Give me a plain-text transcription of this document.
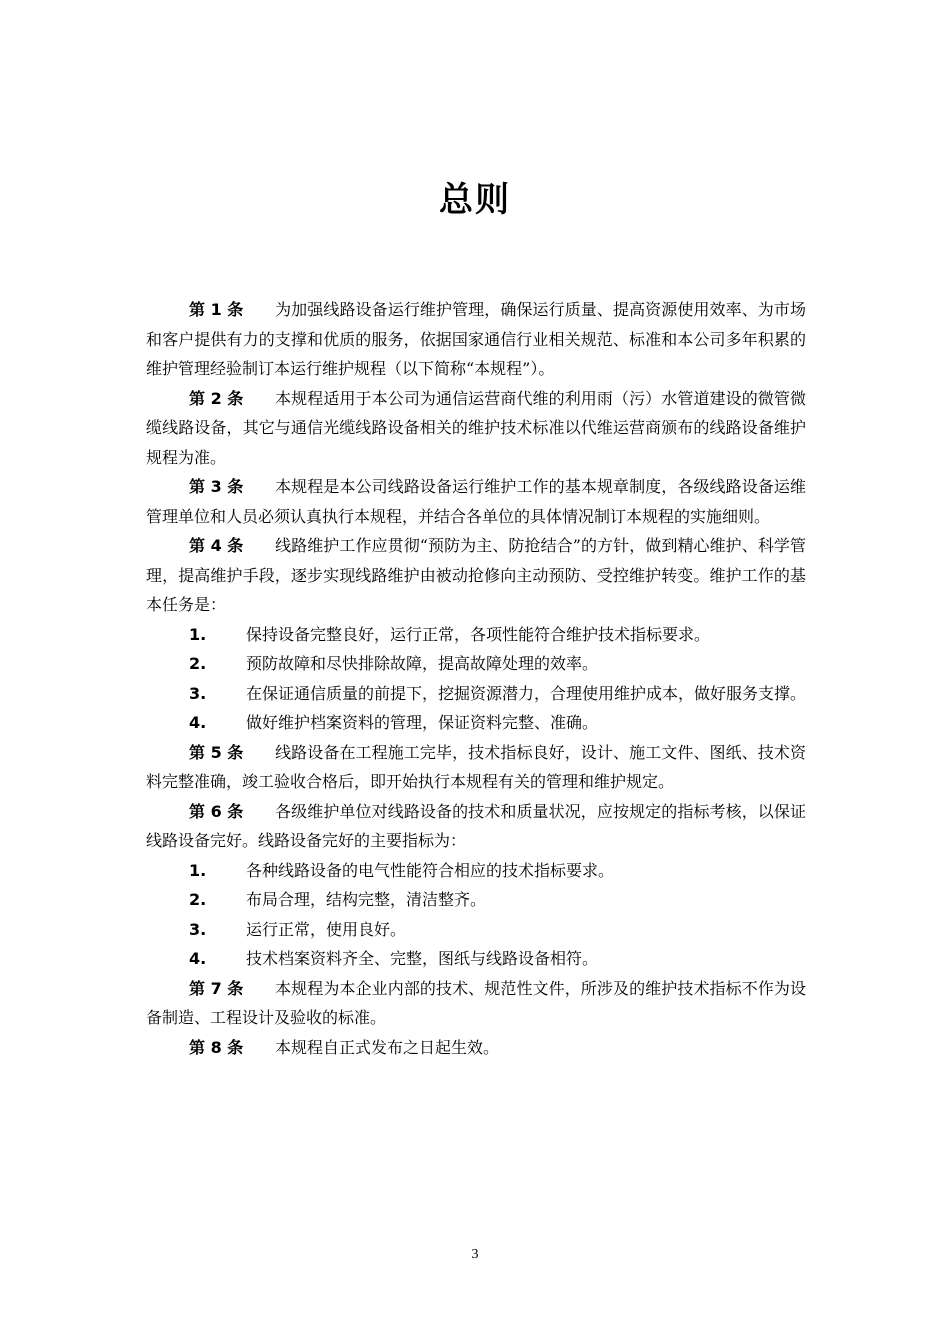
总则

第 1 条 为加强线路设备运行维护管理，确保运行质量、提高资源使用效率、为市场和客户提供有力的支撑和优质的服务，依据国家通信行业相关规范、标准和本公司多年积累的维护管理经验制订本运行维护规程（以下简称“本规程”）。

第 2 条 本规程适用于本公司为通信运营商代维的利用雨（污）水管道建设的微管微缆线路设备，其它与通信光缆线路设备相关的维护技术标准以代维运营商颁布的线路设备维护规程为准。

第 3 条 本规程是本公司线路设备运行维护工作的基本规章制度，各级线路设备运维管理单位和人员必须认真执行本规程，并结合各单位的具体情况制订本规程的实施细则。

第 4 条 线路维护工作应贯彻“预防为主、防抢结合”的方针，做到精心维护、科学管理，提高维护手段，逐步实现线路维护由被动抢修向主动预防、受控维护转变。维护工作的基本任务是：

1. 保持设备完整良好，运行正常，各项性能符合维护技术指标要求。

2. 预防故障和尽快排除故障，提高故障处理的效率。

3. 在保证通信质量的前提下，挖掘资源潜力，合理使用维护成本，做好服务支撑。

4. 做好维护档案资料的管理，保证资料完整、准确。

第 5 条 线路设备在工程施工完毕，技术指标良好，设计、施工文件、图纸、技术资料完整准确，竣工验收合格后，即开始执行本规程有关的管理和维护规定。

第 6 条 各级维护单位对线路设备的技术和质量状况，应按规定的指标考核，以保证线路设备完好。线路设备完好的主要指标为：

1. 各种线路设备的电气性能符合相应的技术指标要求。

2. 布局合理，结构完整，清洁整齐。

3. 运行正常，使用良好。

4. 技术档案资料齐全、完整，图纸与线路设备相符。

第 7 条 本规程为本企业内部的技术、规范性文件，所涉及的维护技术指标不作为设备制造、工程设计及验收的标准。

第 8 条 本规程自正式发布之日起生效。

3
